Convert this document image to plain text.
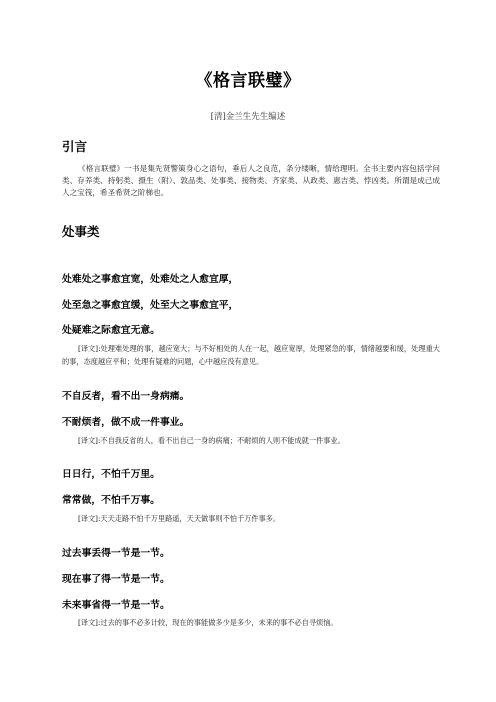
《格言联璧》
[清]金兰生先生编述
引言
《格言联璧》一书是集先贤警策身心之语句，垂后人之良范，条分缕晰，情给理明。全书主要内容包括学问类、存养类、持躬类、摄生（附）、敦品类、处事类、接物类、齐家类、从政类、惠吉类、悖凶类。所谓是成己成人之宝筏，希圣希贤之阶梯也。
处事类
处难处之事愈宜宽，处难处之人愈宜厚，
处至急之事愈宜缓，处至大之事愈宜平，
处疑难之际愈宜无意。
[译文]:处理难处理的事，越应宽大；与不好相处的人在一起，越应宽厚，处理紧急的事，情绪越要和缓，处理重大的事，态度越应平和；处理有疑难的问题，心中越应没有意见。
不自反者，看不出一身病痛。
不耐烦者，做不成一件事业。
[译文]:不自我反省的人，看不出自己一身的病痛；不耐烦的人则不能成就一件事业。
日日行，不怕千万里。
常常做，不怕千万事。
[译文]:天天走路不怕千万里路遥，天天做事则不怕千万件事多。
过去事丢得一节是一节。
现在事了得一节是一节。
未来事省得一节是一节。
[译文]:过去的事不必多计较，现在的事能做多少是多少，未来的事不必自寻烦恼。
